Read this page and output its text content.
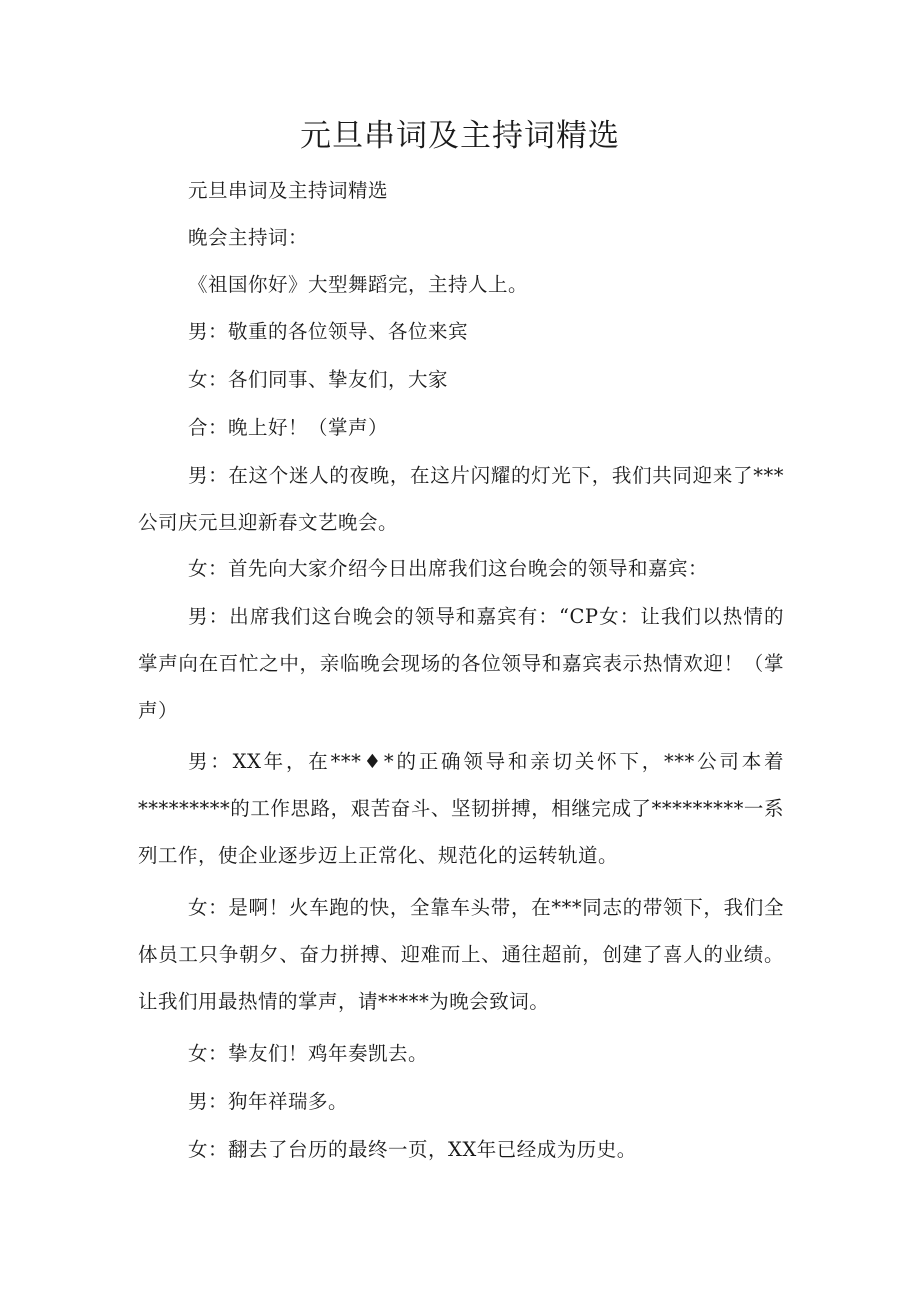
元旦串词及主持词精选

元旦串词及主持词精选

晚会主持词：

《祖国你好》大型舞蹈完，主持人上。

男：敬重的各位领导、各位来宾

女：各们同事、挚友们，大家

合：晚上好！（掌声）

男：在这个迷人的夜晚，在这片闪耀的灯光下，我们共同迎来了***公司庆元旦迎新春文艺晚会。

女：首先向大家介绍今日出席我们这台晚会的领导和嘉宾：

男：出席我们这台晚会的领导和嘉宾有：“CP女：让我们以热情的掌声向在百忙之中，亲临晚会现场的各位领导和嘉宾表示热情欢迎！（掌声）

男：XX年，在***♦*的正确领导和亲切关怀下，***公司本着*********的工作思路，艰苦奋斗、坚韧拼搏，相继完成了*********一系列工作，使企业逐步迈上正常化、规范化的运转轨道。

女：是啊！火车跑的快，全靠车头带，在***同志的带领下，我们全体员工只争朝夕、奋力拼搏、迎难而上、通往超前，创建了喜人的业绩。让我们用最热情的掌声，请*****为晚会致词。

女：挚友们！鸡年奏凯去。

男：狗年祥瑞多。

女：翻去了台历的最终一页，XX年已经成为历史。
